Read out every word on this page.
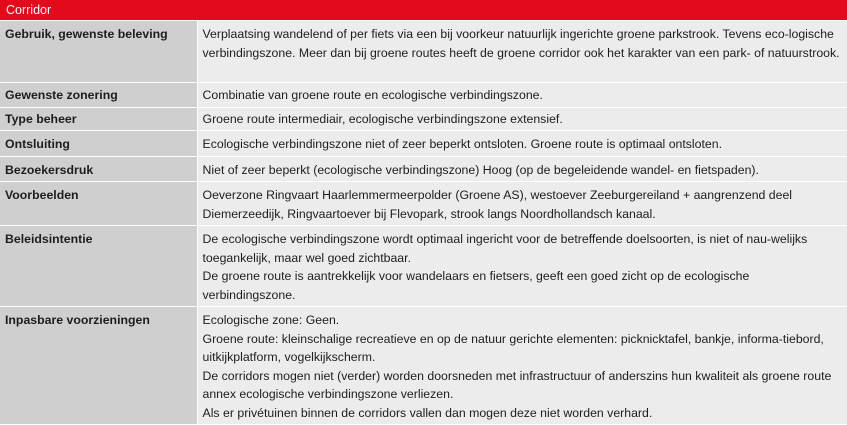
Corridor
Gebruik, gewenste beleving	Verplaatsing wandelend of per fiets via een bij voorkeur natuurlijk ingerichte groene parkstrook. Tevens eco-logische verbindingszone. Meer dan bij groene routes heeft de groene corridor ook het karakter van een park- of natuurstrook.

Gewenste zonering	Combinatie van groene route en ecologische verbindingszone.

Type beheer	Groene route intermediair, ecologische verbindingszone extensief.

Ontsluiting	Ecologische verbindingszone niet of zeer beperkt ontsloten. Groene route is optimaal ontsloten.

Bezoekersdruk	Niet of zeer beperkt (ecologische verbindingszone) Hoog (op de begeleidende wandel- en fietspaden).

Voorbeelden	Oeverzone Ringvaart Haarlemmermeerpolder (Groene AS), westoever Zeeburgereiland + aangrenzend deel Diemerzeedijk, Ringvaartoever bij Flevopark, strook langs Noordhollandsch kanaal.

Beleidsintentie	De ecologische verbindingszone wordt optimaal ingericht voor de betreffende doelsoorten, is niet of nau-welijks toegankelijk, maar wel goed zichtbaar.

De groene route is aantrekkelijk voor wandelaars en fietsers, geeft een goed zicht op de ecologische verbindingszone.

Inpasbare voorzieningen	Ecologische zone: Geen.

Groene route: kleinschalige recreatieve en op de natuur gerichte elementen: picknicktafel, bankje, informa-tiebord, uitkijkplatform, vogelkijkscherm.

De corridors mogen niet (verder) worden doorsneden met infrastructuur of anderszins hun kwaliteit als groene route annex ecologische verbindingszone verliezen.

Als er privétuinen binnen de corridors vallen dan mogen deze niet worden verhard.
